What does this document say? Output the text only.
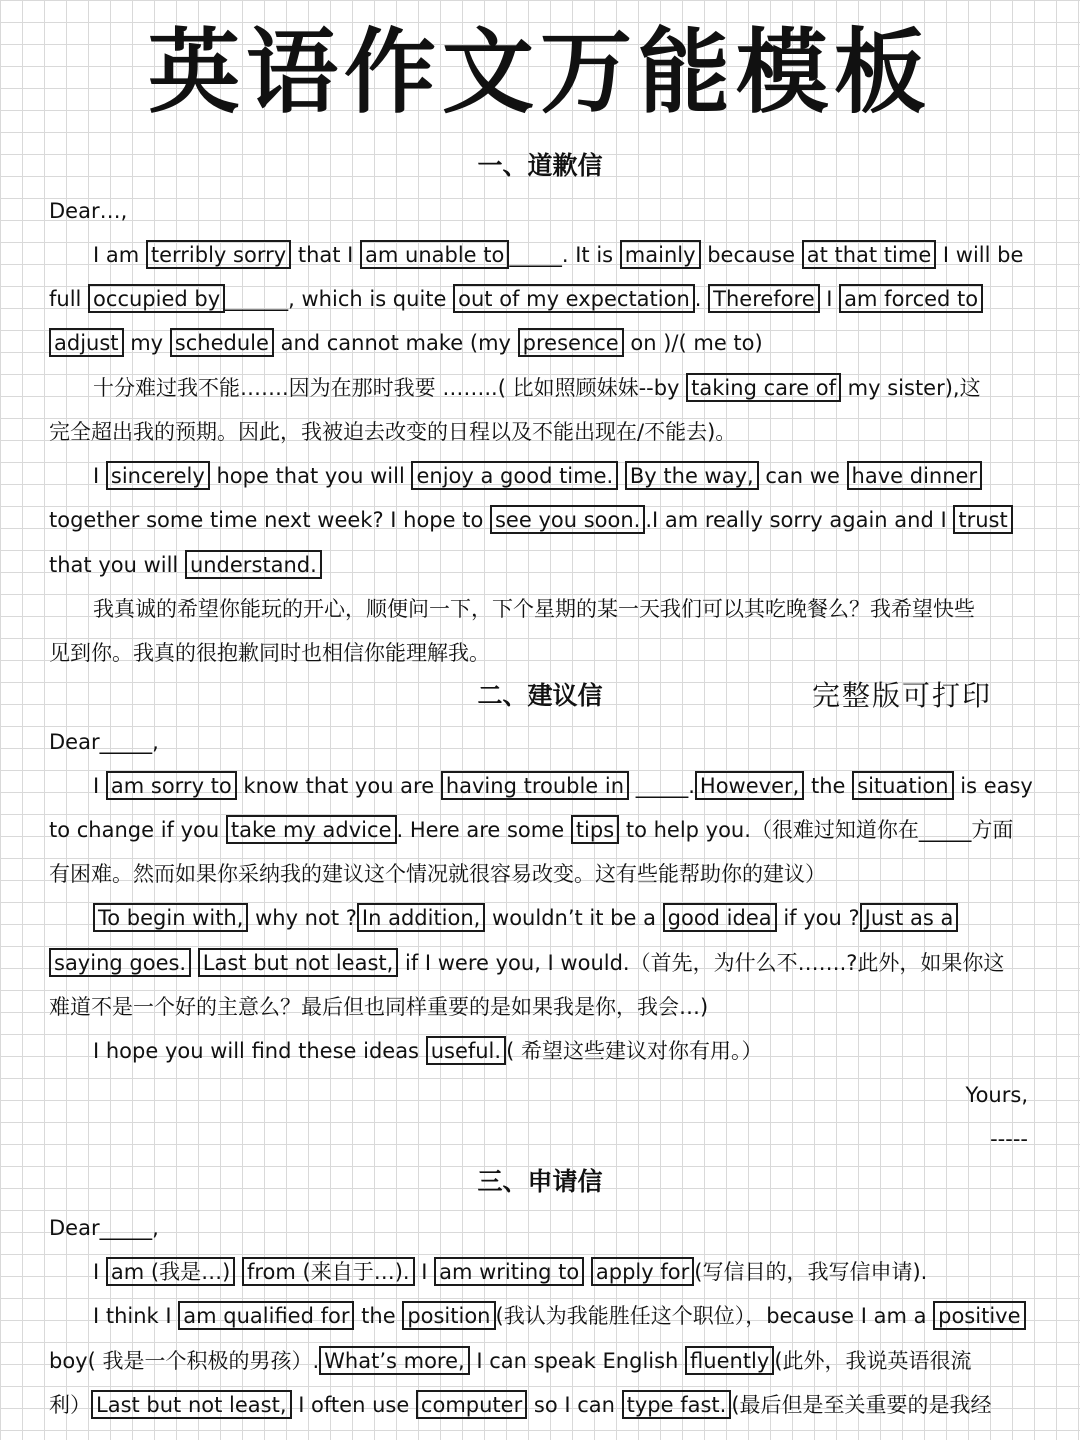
英语作文万能模板
一、道歉信
Dear…,
I am terribly sorry that I am unable to _____. It is mainly because at that time I will be
full occupied by ______, which is quite out of my expectation . Therefore I am forced to
adjust my schedule and cannot make (my presence on )/( me to)
十分难过我不能…….因为在那时我要 ……..( 比如照顾妹妹--by taking care of my sister),这
完全超出我的预期。因此，我被迫去改变的日程以及不能出现在/不能去)。
I sincerely hope that you will enjoy a good time. By the way, can we have dinner
together some time next week? I hope to see you soon. .I am really sorry again and I trust
that you will understand.
我真诚的希望你能玩的开心，顺便问一下，下个星期的某一天我们可以其吃晚餐么？我希望快些
见到你。我真的很抱歉同时也相信你能理解我。
二、建议信	完整版可打印
Dear_____,
I am sorry to know that you are having trouble in _____. However, the situation is easy
to change if you take my advice . Here are some tips to help you.（很难过知道你在_____方面
有困难。然而如果你采纳我的建议这个情况就很容易改变。这有些能帮助你的建议）
To begin with, why not ? In addition, wouldn’t it be a good idea if you ? Just as a
saying goes. Last but not least, if I were you, I would.（首先，为什么不…….?此外，如果你这
难道不是一个好的主意么？最后但也同样重要的是如果我是你，我会…)
I hope you will find these ideas useful. ( 希望这些建议对你有用。）
Yours,
-----
三、申请信
Dear_____,
I am (我是…) from (来自于…). I am writing to apply for (写信目的，我写信申请).
I think I am qualified for the position (我认为我能胜任这个职位），because I am a positive
boy( 我是一个积极的男孩）. What’s more, I can speak English fluently (此外，我说英语很流
利） Last but not least, I often use computer so I can type fast. (最后但是至关重要的是我经
